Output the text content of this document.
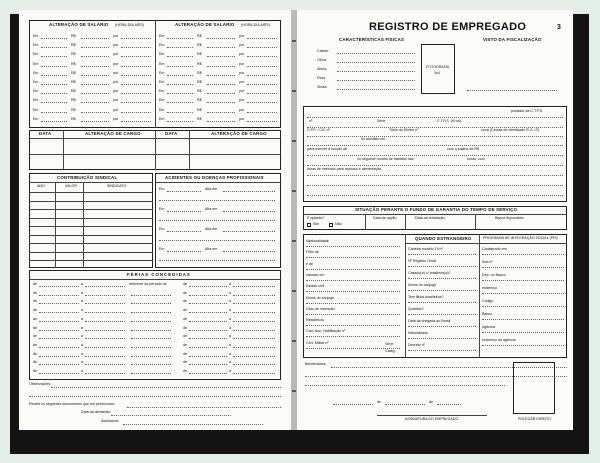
ALTERAÇÃO DE SALÁRIO (HORA-DIA-MÊS)	ALTERAÇÃO DE SALÁRIO (HORA-DIA-MÊS)
Em	R$	por
Em	R$	por
Em	R$	por
Em	R$	por
Em	R$	por
Em	R$	por
Em	R$	por
Em	R$	por
Em	R$	por
Em	R$	por
Em	R$	por
Em	R$	por
Em	R$	por
Em	R$	por
Em	R$	por
Em	R$	por
Em	R$	por
Em	R$	por
Em	R$	por
Em	R$	por
DATA	ALTERAÇÃO DE CARGO	DATA	ALTERAÇÃO DE CARGO
CONTRIBUIÇÃO SINDICAL
ANO	VALOR	SINDICATO
ACIDENTES OU DOENÇAS PROFISSIONAIS
Em	Alta em
Em	Alta em
Em	Alta em
Em	Alta em
FÉRIAS CONCEDIDAS
de	a	referente ao período de	de	a
de	a	de	a
de	a	de	a
de	a	de	a
de	a	de	a
de	a	de	a
de	a	de	a
de	a	de	a
de	a	de	a
de	a	de	a
de	a	de	a
Observações:
Recebi os seguintes documentos que me pertenciam:
Data da demissão:
Assinatura:
REGISTRO DE EMPREGADO	3
CARACTERÍSTICAS FÍSICAS	VISTO DA FISCALIZAÇÃO
FOTOGRAFIA
3x4
Cabelo
Olhos
Altura
Peso
Sinais
portador da C.T.P.S.
nº	Série	C.T.P.S. (N.vol)
C.P.F. / CIC nº	Título de Eleitor nº	zona (Cédula de Identidade R.G. nº)
foi admitido em
para exercer a função de	com o salário de R$
no seguinte horário de trabalho das	horas, com
horas de intervalo para repouso e alimentação.
SITUAÇÃO PERANTE O FUNDO DE GARANTIA DO TEMPO DE SERVIÇO
É optante?
Sim	Não
Data da opção	Data da retratação	Banco depositário
QUANDO ESTRANGEIRO	PROGRAMA DE INTEGRAÇÃO SOCIAL (PIS)
Nacionalidade
Filho de
e de
nascido em
Estado civil
Nome do cônjuge
Grau de instrução
Residência
Cart. Nac. Habilitação nº
Cert. Militar nº
Carteira modelo 19 nº
Nº Registro Geral
Casado(a) c/ brasileiro(a)?
Nome do cônjuge
Tem filhos brasileiros?
Quantos?
Data da chegada ao Brasil
Naturalizado
Decreto nº
Cadastrado em
Sob nº
Dep. no Banco
endereço
Código
Banco
Agência
endereço da agência
Série
Categ.
Beneficiários:
de	de
ASSINATURA DO EMPREGADO	POLEGAR DIREITO
